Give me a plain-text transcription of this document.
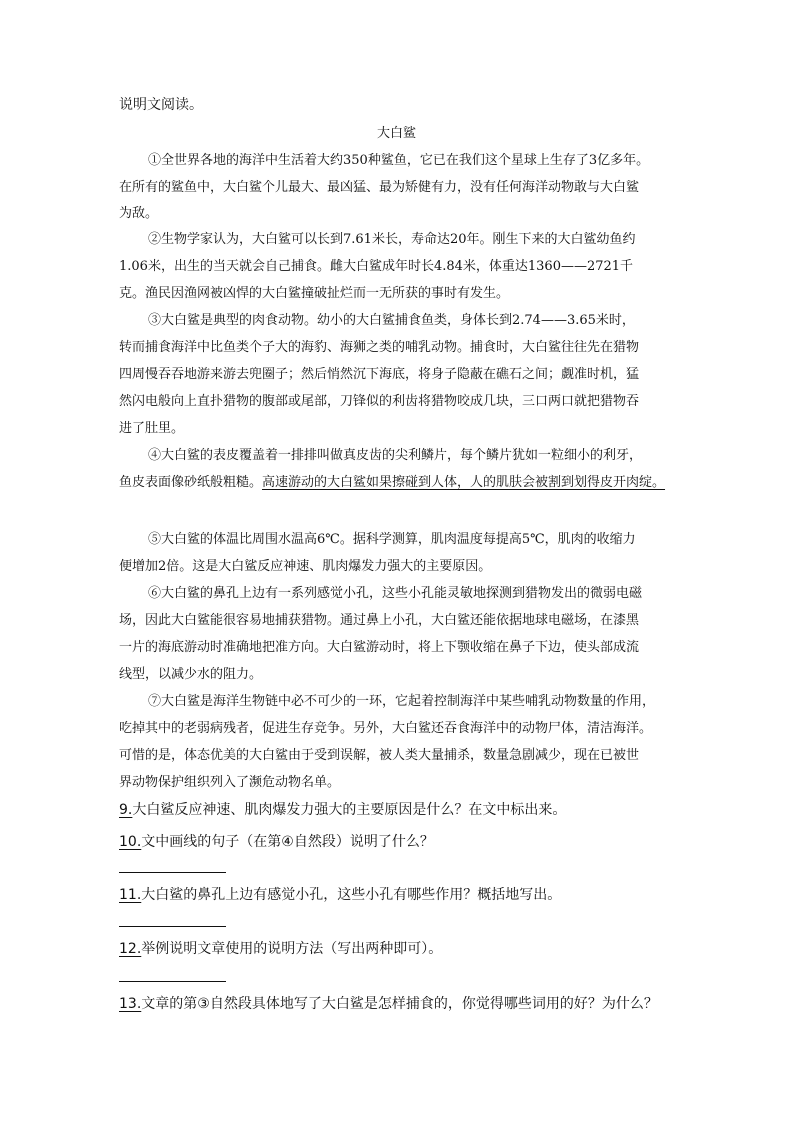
说明文阅读。
大白鲨
①全世界各地的海洋中生活着大约350种鲨鱼，它已在我们这个星球上生存了3亿多年。
在所有的鲨鱼中，大白鲨个儿最大、最凶猛、最为矫健有力，没有任何海洋动物敢与大白鲨
为敌。
②生物学家认为，大白鲨可以长到7.61米长，寿命达20年。刚生下来的大白鲨幼鱼约
1.06米，出生的当天就会自己捕食。雌大白鲨成年时长4.84米，体重达1360——2721千
克。渔民因渔网被凶悍的大白鲨撞破扯烂而一无所获的事时有发生。
③大白鲨是典型的肉食动物。幼小的大白鲨捕食鱼类，身体长到2.74——3.65米时，
转而捕食海洋中比鱼类个子大的海豹、海狮之类的哺乳动物。捕食时，大白鲨往往先在猎物
四周慢吞吞地游来游去兜圈子；然后悄然沉下海底，将身子隐蔽在礁石之间；觑准时机，猛
然闪电般向上直扑猎物的腹部或尾部，刀锋似的利齿将猎物咬成几块，三口两口就把猎物吞
进了肚里。
④大白鲨的表皮覆盖着一排排叫做真皮齿的尖利鳞片，每个鳞片犹如一粒细小的利牙，
鱼皮表面像砂纸般粗糙。高速游动的大白鲨如果擦碰到人体，人的肌肤会被割到划得皮开肉绽。
⑤大白鲨的体温比周围水温高6℃。据科学测算，肌肉温度每提高5℃，肌肉的收缩力
便增加2倍。这是大白鲨反应神速、肌肉爆发力强大的主要原因。
⑥大白鲨的鼻孔上边有一系列感觉小孔，这些小孔能灵敏地探测到猎物发出的微弱电磁
场，因此大白鲨能很容易地捕获猎物。通过鼻上小孔，大白鲨还能依据地球电磁场，在漆黑
一片的海底游动时准确地把准方向。大白鲨游动时，将上下颚收缩在鼻子下边，使头部成流
线型，以减少水的阻力。
⑦大白鲨是海洋生物链中必不可少的一环，它起着控制海洋中某些哺乳动物数量的作用，
吃掉其中的老弱病残者，促进生存竞争。另外，大白鲨还吞食海洋中的动物尸体，清洁海洋。
可惜的是，体态优美的大白鲨由于受到误解，被人类大量捕杀，数量急剧减少，现在已被世
界动物保护组织列入了濒危动物名单。
9.大白鲨反应神速、肌肉爆发力强大的主要原因是什么？在文中标出来。
10.文中画线的句子（在第④自然段）说明了什么？
11.大白鲨的鼻孔上边有感觉小孔，这些小孔有哪些作用？概括地写出。
12.举例说明文章使用的说明方法（写出两种即可）。
13.文章的第③自然段具体地写了大白鲨是怎样捕食的，你觉得哪些词用的好？为什么？
